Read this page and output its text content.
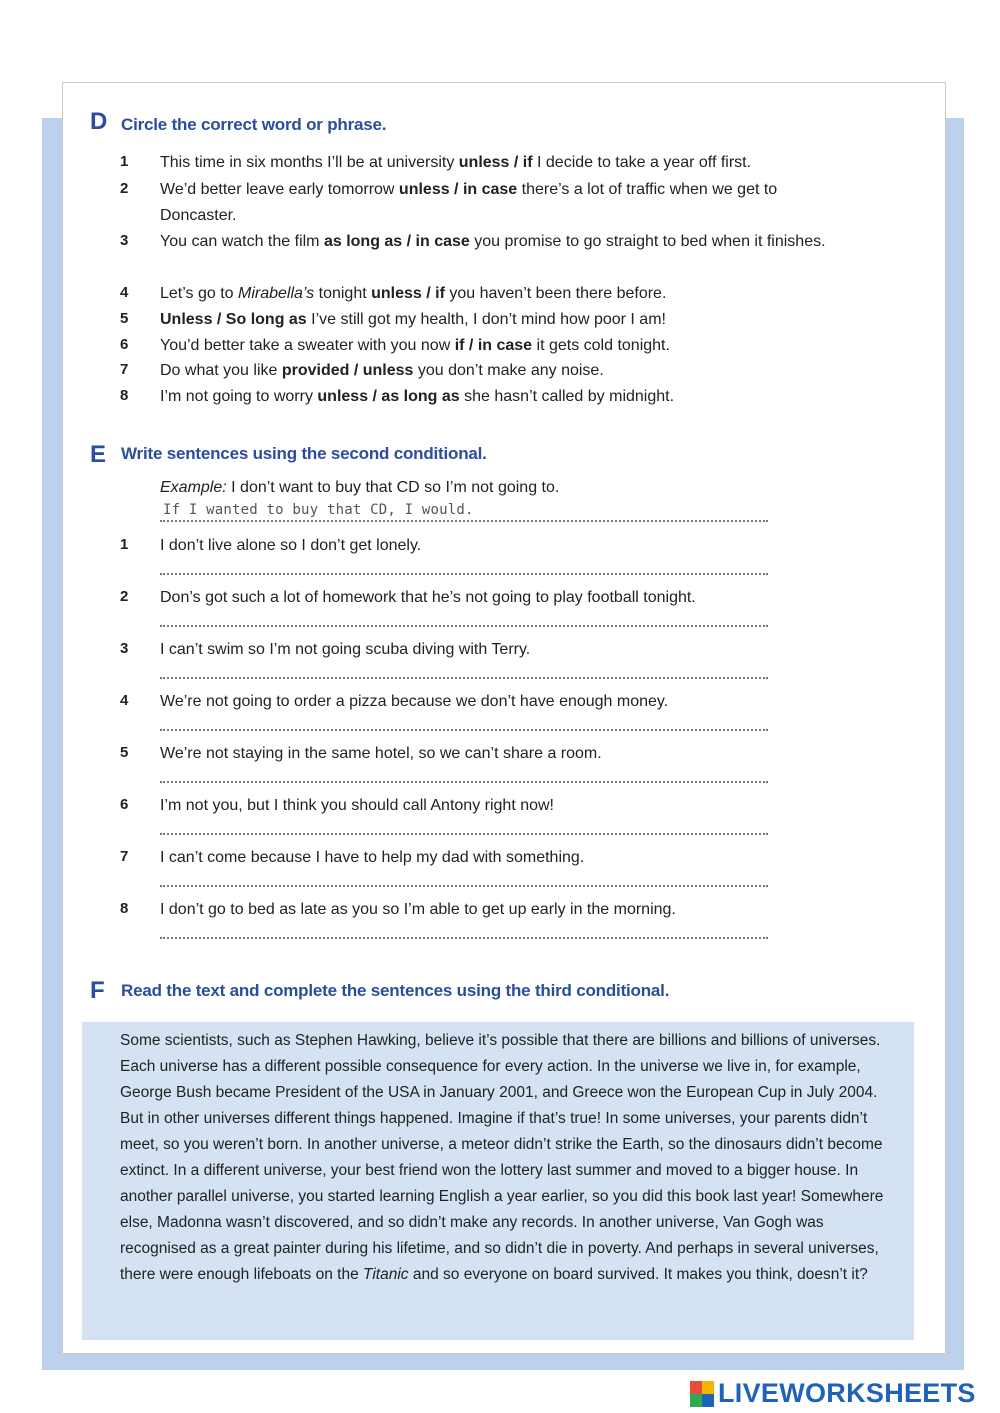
D Circle the correct word or phrase.
1 This time in six months I’ll be at university unless / if I decide to take a year off first.
2 We’d better leave early tomorrow unless / in case there’s a lot of traffic when we get to Doncaster.
3 You can watch the film as long as / in case you promise to go straight to bed when it finishes.
4 Let’s go to Mirabella’s tonight unless / if you haven’t been there before.
5 Unless / So long as I’ve still got my health, I don’t mind how poor I am!
6 You’d better take a sweater with you now if / in case it gets cold tonight.
7 Do what you like provided / unless you don’t make any noise.
8 I’m not going to worry unless / as long as she hasn’t called by midnight.
E Write sentences using the second conditional.
Example: I don’t want to buy that CD so I’m not going to.
If I wanted to buy that CD, I would.
1 I don’t live alone so I don’t get lonely.
2 Don’s got such a lot of homework that he’s not going to play football tonight.
3 I can’t swim so I’m not going scuba diving with Terry.
4 We’re not going to order a pizza because we don’t have enough money.
5 We’re not staying in the same hotel, so we can’t share a room.
6 I’m not you, but I think you should call Antony right now!
7 I can’t come because I have to help my dad with something.
8 I don’t go to bed as late as you so I’m able to get up early in the morning.
F Read the text and complete the sentences using the third conditional.

Some scientists, such as Stephen Hawking, believe it’s possible that there are billions and billions of universes. Each universe has a different possible consequence for every action. In the universe we live in, for example, George Bush became President of the USA in January 2001, and Greece won the European Cup in July 2004. But in other universes different things happened. Imagine if that’s true! In some universes, your parents didn’t meet, so you weren’t born. In another universe, a meteor didn’t strike the Earth, so the dinosaurs didn’t become extinct. In a different universe, your best friend won the lottery last summer and moved to a bigger house. In another parallel universe, you started learning English a year earlier, so you did this book last year! Somewhere else, Madonna wasn’t discovered, and so didn’t make any records. In another universe, Van Gogh was recognised as a great painter during his lifetime, and so didn’t die in poverty. And perhaps in several universes, there were enough lifeboats on the Titanic and so everyone on board survived. It makes you think, doesn’t it?

LIVEWORKSHEETS
